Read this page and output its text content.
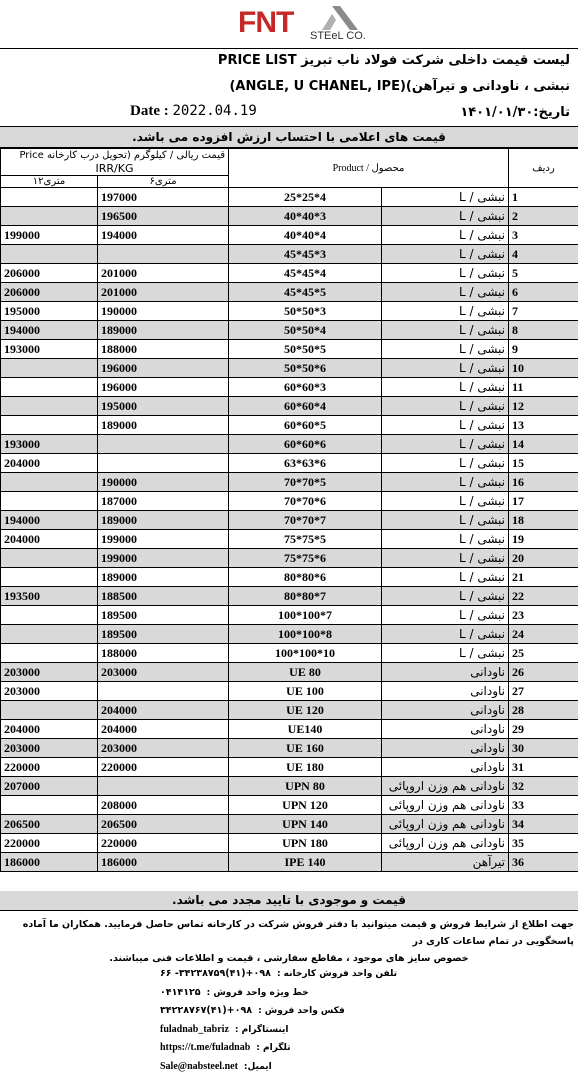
FNT STEeL CO.
لیست قیمت داخلی شرکت فولاد ناب تبریز PRICE LIST
(ANGLE, U CHANEL, IPE)(نبشی ، ناودانی و تیرآهن
Date : 2022.04.19	تاریخ:۱۴۰۱/۰۱/۳۰
قیمت های اعلامی با احتساب ارزش افزوده می باشد.
قیمت ریالی / کیلوگرم (تحویل درب کارخانه Price
IRR/KG		Product / محصول		ردیف
۱۲متری	۶متری			
	197000	25*25*4	نبشی / L	1
	196500	40*40*3	نبشی / L	2
199000	194000	40*40*4	نبشی / L	3
		45*45*3	نبشی / L	4
206000	201000	45*45*4	نبشی / L	5
206000	201000	45*45*5	نبشی / L	6
195000	190000	50*50*3	نبشی / L	7
194000	189000	50*50*4	نبشی / L	8
193000	188000	50*50*5	نبشی / L	9
	196000	50*50*6	نبشی / L	10
	196000	60*60*3	نبشی / L	11
	195000	60*60*4	نبشی / L	12
	189000	60*60*5	نبشی / L	13
193000		60*60*6	نبشی / L	14
204000		63*63*6	نبشی / L	15
	190000	70*70*5	نبشی / L	16
	187000	70*70*6	نبشی / L	17
194000	189000	70*70*7	نبشی / L	18
204000	199000	75*75*5	نبشی / L	19
	199000	75*75*6	نبشی / L	20
	189000	80*80*6	نبشی / L	21
193500	188500	80*80*7	نبشی / L	22
	189500	100*100*7	نبشی / L	23
	189500	100*100*8	نبشی / L	24
	188000	100*100*10	نبشی / L	25
203000	203000	UE 80	ناودانی	26
203000		UE 100	ناودانی	27
	204000	UE 120	ناودانی	28
204000	204000	UE140	ناودانی	29
203000	203000	UE 160	ناودانی	30
220000	220000	UE 180	ناودانی	31
207000		UPN 80	ناودانی هم وزن اروپائی	32
	208000	UPN 120	ناودانی هم وزن اروپائی	33
206500	206500	UPN 140	ناودانی هم وزن اروپائی	34
220000	220000	UPN 180	ناودانی هم وزن اروپائی	35
186000	186000	IPE 140	تیرآهن	36
قیمت و موجودی با تایید مجدد می باشد.
جهت اطلاع از شرایط فروش و قیمت میتوانید با دفتر فروش شرکت در کارخانه تماس حاصل فرمایید. همکاران ما آماده پاسخگویی در تمام ساعات کاری در
خصوص سایز های موجود ، مقاطع سفارشی ، قیمت و اطلاعات فنی میباشند.
تلفن واحد فروش کارخانه :
۰۹۸+(۴۱)۳۴۲۳۸۷۵۹- ۶۶
خط ویژه واحد فروش :
۰۴۱۴۱۲۵
فکس واحد فروش :
۰۹۸+(۴۱)۳۴۲۲۸۷۶۷
اینستاگرام :
fuladnab_tabriz
تلگرام :
https://t.me/fuladnab
ایمیل:
Sale@nabsteel.net
